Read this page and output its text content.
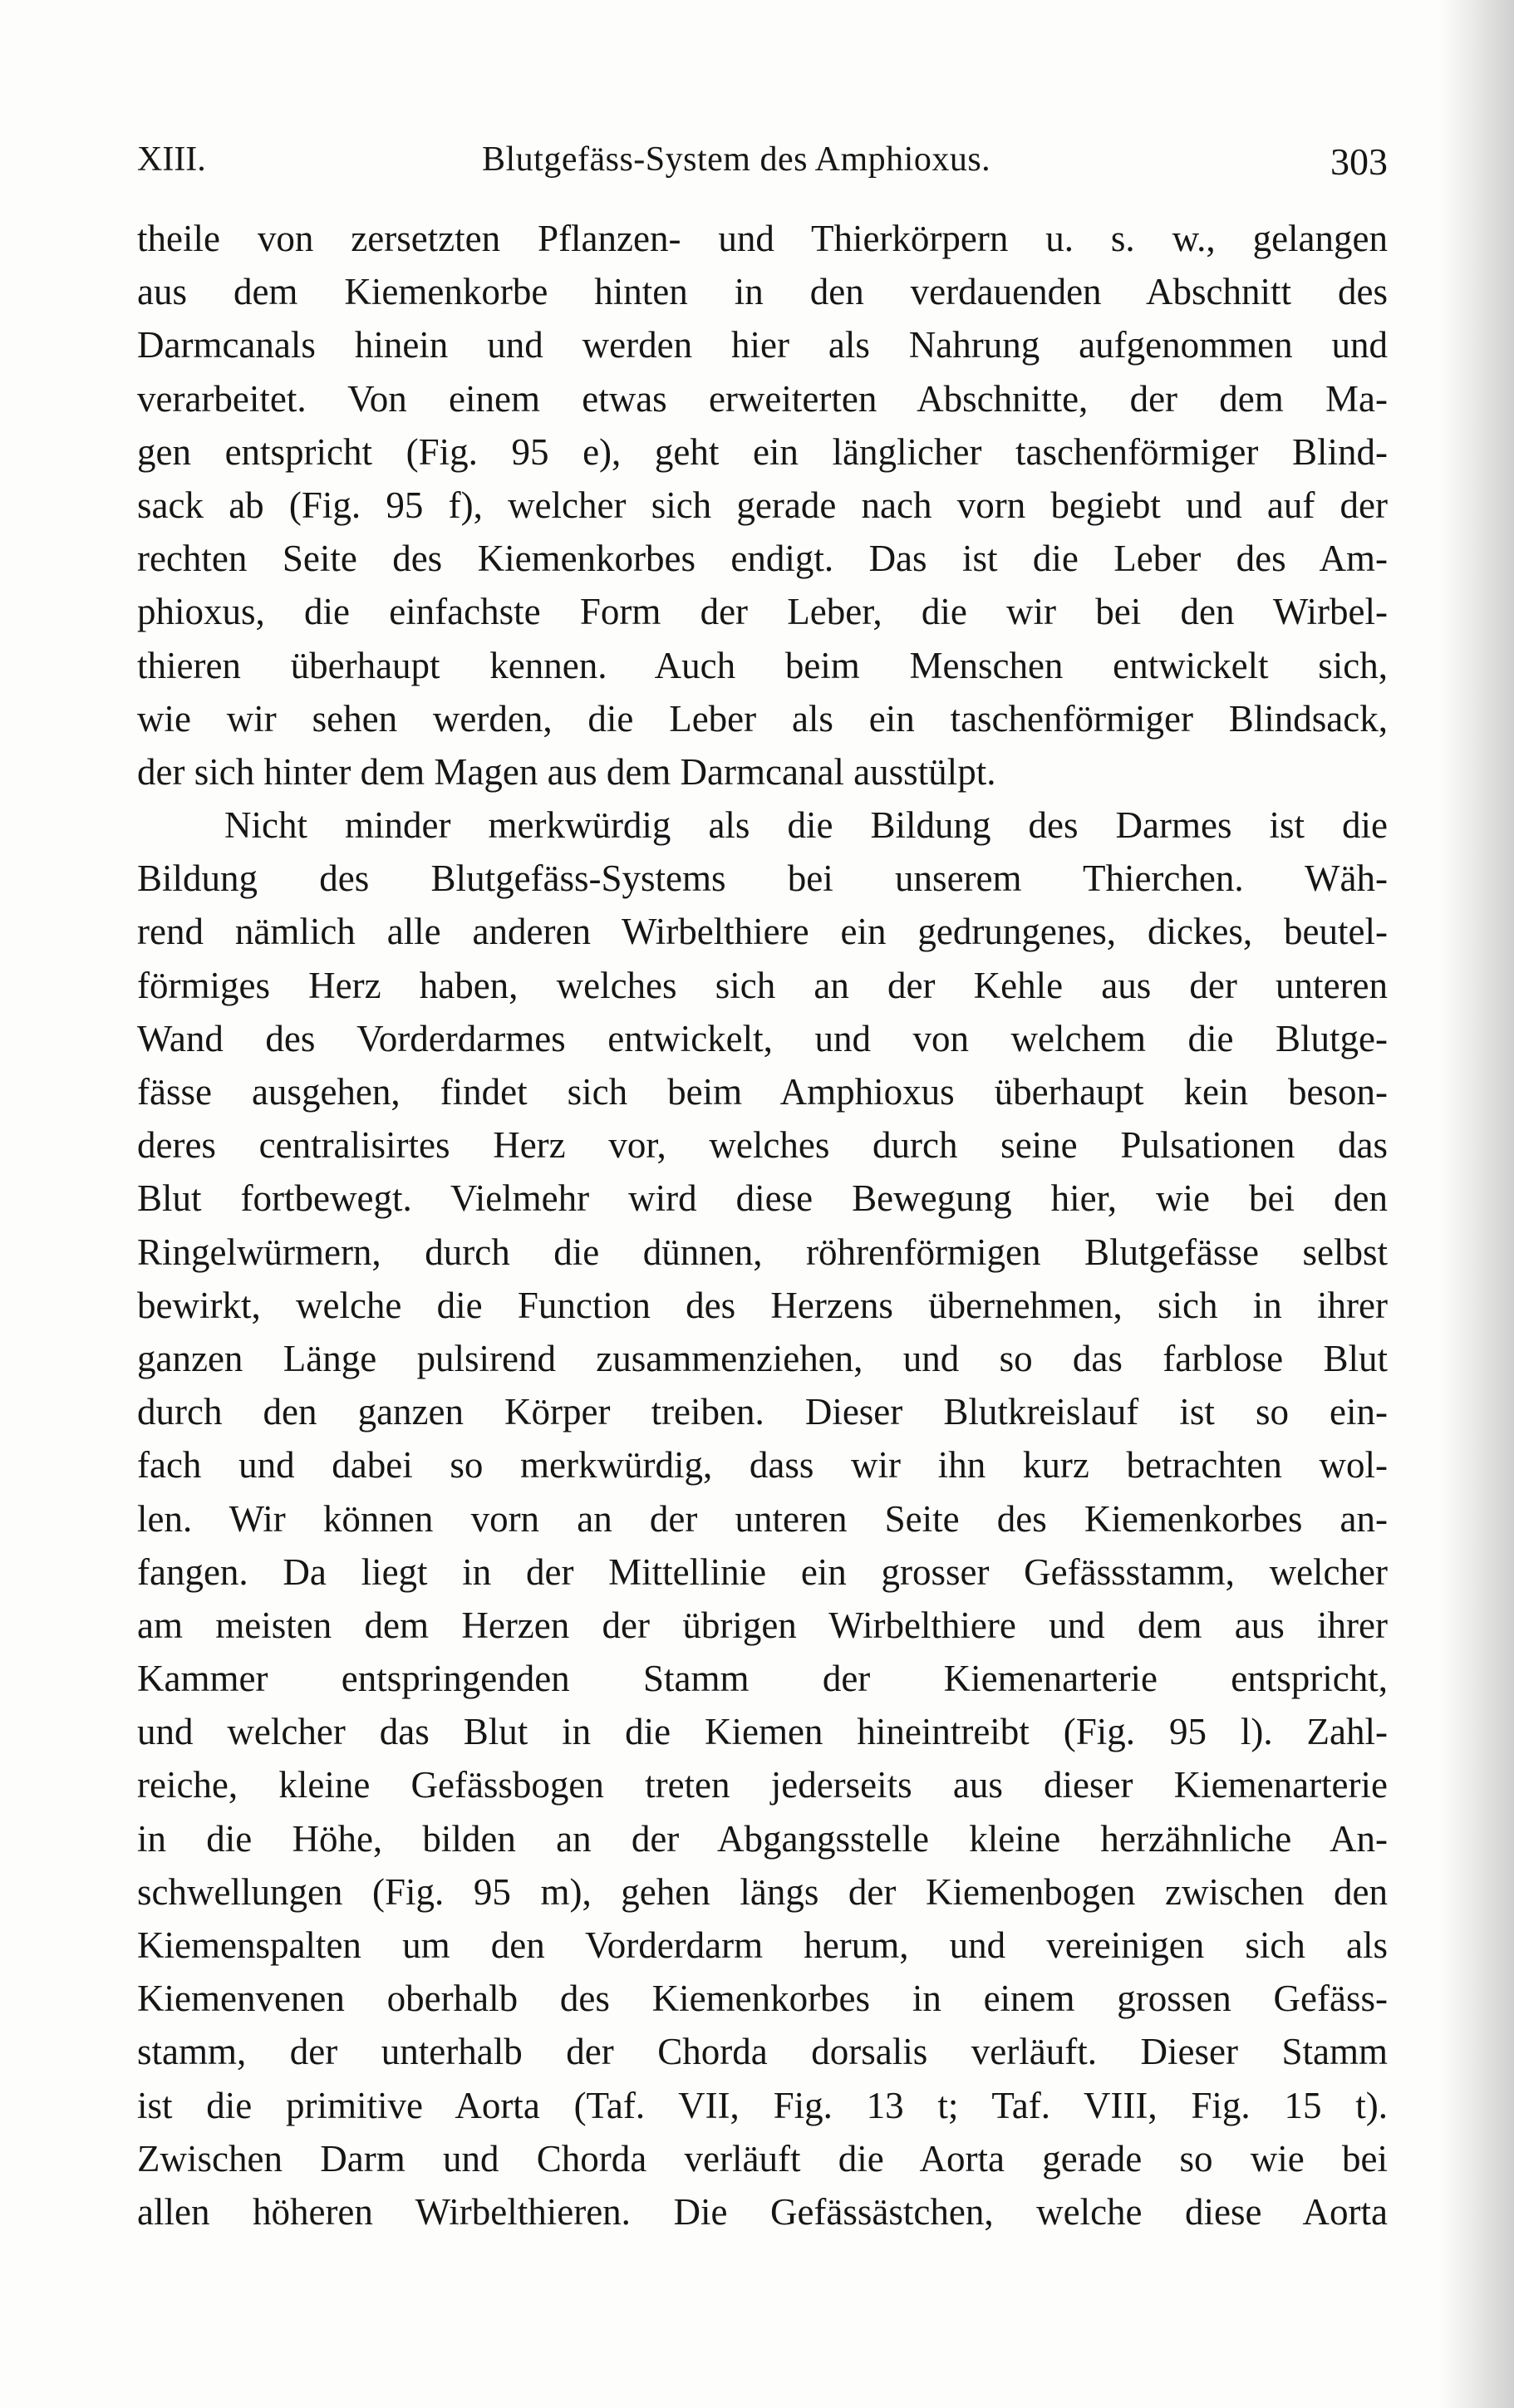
XIII.	Blutgefäss-System des Amphioxus.	303
theile von zersetzten Pflanzen- und Thierkörpern u. s. w., gelangen
aus dem Kiemenkorbe hinten in den verdauenden Abschnitt des
Darmcanals hinein und werden hier als Nahrung aufgenommen und
verarbeitet. Von einem etwas erweiterten Abschnitte, der dem Ma-
gen entspricht (Fig. 95 e), geht ein länglicher taschenförmiger Blind-
sack ab (Fig. 95 f), welcher sich gerade nach vorn begiebt und auf der
rechten Seite des Kiemenkorbes endigt. Das ist die Leber des Am-
phioxus, die einfachste Form der Leber, die wir bei den Wirbel-
thieren überhaupt kennen. Auch beim Menschen entwickelt sich,
wie wir sehen werden, die Leber als ein taschenförmiger Blindsack,
der sich hinter dem Magen aus dem Darmcanal ausstülpt.
Nicht minder merkwürdig als die Bildung des Darmes ist die
Bildung des Blutgefäss-Systems bei unserem Thierchen. Wäh-
rend nämlich alle anderen Wirbelthiere ein gedrungenes, dickes, beutel-
förmiges Herz haben, welches sich an der Kehle aus der unteren
Wand des Vorderdarmes entwickelt, und von welchem die Blutge-
fässe ausgehen, findet sich beim Amphioxus überhaupt kein beson-
deres centralisirtes Herz vor, welches durch seine Pulsationen das
Blut fortbewegt. Vielmehr wird diese Bewegung hier, wie bei den
Ringelwürmern, durch die dünnen, röhrenförmigen Blutgefässe selbst
bewirkt, welche die Function des Herzens übernehmen, sich in ihrer
ganzen Länge pulsirend zusammenziehen, und so das farblose Blut
durch den ganzen Körper treiben. Dieser Blutkreislauf ist so ein-
fach und dabei so merkwürdig, dass wir ihn kurz betrachten wol-
len. Wir können vorn an der unteren Seite des Kiemenkorbes an-
fangen. Da liegt in der Mittellinie ein grosser Gefässstamm, welcher
am meisten dem Herzen der übrigen Wirbelthiere und dem aus ihrer
Kammer entspringenden Stamm der Kiemenarterie entspricht,
und welcher das Blut in die Kiemen hineintreibt (Fig. 95 l). Zahl-
reiche, kleine Gefässbogen treten jederseits aus dieser Kiemenarterie
in die Höhe, bilden an der Abgangsstelle kleine herzähnliche An-
schwellungen (Fig. 95 m), gehen längs der Kiemenbogen zwischen den
Kiemenspalten um den Vorderdarm herum, und vereinigen sich als
Kiemenvenen oberhalb des Kiemenkorbes in einem grossen Gefäss-
stamm, der unterhalb der Chorda dorsalis verläuft. Dieser Stamm
ist die primitive Aorta (Taf. VII, Fig. 13 t; Taf. VIII, Fig. 15 t).
Zwischen Darm und Chorda verläuft die Aorta gerade so wie bei
allen höheren Wirbelthieren. Die Gefässästchen, welche diese Aorta
